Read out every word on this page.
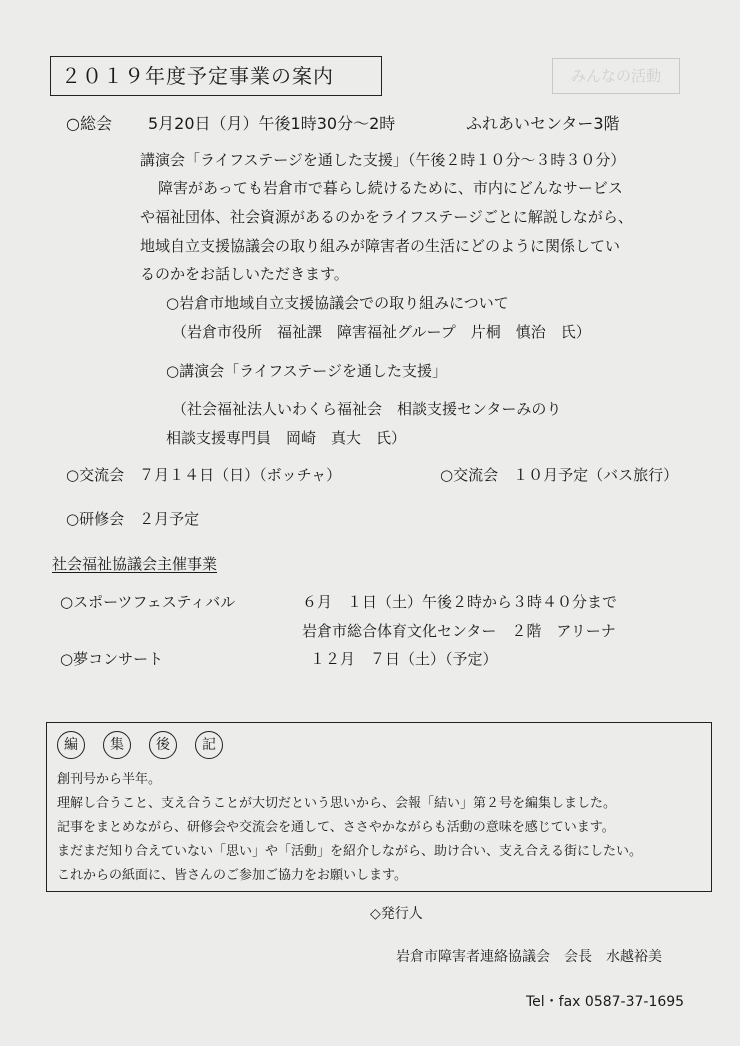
２０１９年度予定事業の案内	みんなの活動
○総会 5月20日（月）午後1時30分～2時	ふれあいセンター3階
講演会「ライフステージを通した支援」（午後２時１０分～３時３０分）
障害があっても岩倉市で暮らし続けるために、市内にどんなサービス
や福祉団体、社会資源があるのかをライフステージごとに解説しながら、
地域自立支援協議会の取り組みが障害者の生活にどのように関係してい
るのかをお話しいただきます。
○岩倉市地域自立支援協議会での取り組みについて
（岩倉市役所　福祉課　障害福祉グループ　片桐　慎治　氏）
○講演会「ライフステージを通した支援」
（社会福祉法人いわくら福祉会　相談支援センターみのり
相談支援専門員　岡崎　真大　氏）
○交流会　７月１４日（日）（ボッチャ）	○交流会　１０月予定（バス旅行）
○研修会　２月予定
社会福祉協議会主催事業
○スポーツフェスティバル	６月　１日（土）午後２時から３時４０分まで
岩倉市総合体育文化センター　２階　アリーナ
○夢コンサート	１２月　７日（土）（予定）
編	集	後	記
創刊号から半年。
理解し合うこと、支え合うことが大切だという思いから、会報「結い」第２号を編集しました。
記事をまとめながら、研修会や交流会を通して、ささやかながらも活動の意味を感じています。
まだまだ知り合えていない「思い」や「活動」を紹介しながら、助け合い、支え合える街にしたい。
これからの紙面に、皆さんのご参加ご協力をお願いします。
◇発行人
岩倉市障害者連絡協議会　会長　水越裕美
Tel・fax 0587-37-1695
